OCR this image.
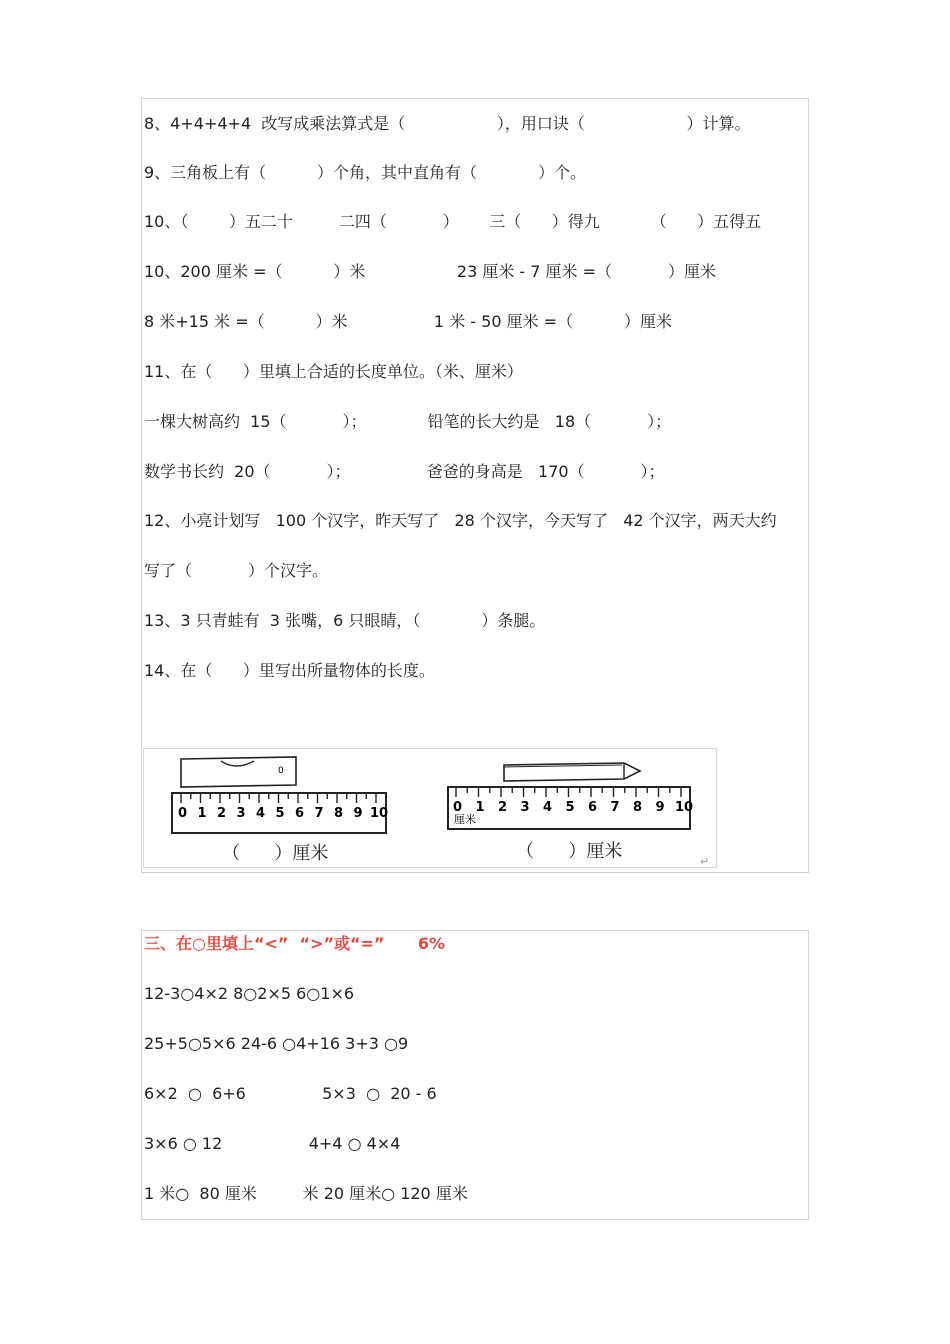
8、4+4+4+4  改写成乘法算式是（                  ），用口诀（                    ）计算。
9、三角板上有（          ）个角，其中直角有（            ）个。
10、（        ）五二十         二四（           ）      三（      ）得九          （      ）五得五
10、200 厘米 =（          ）米                  23 厘米 - 7 厘米 =（           ）厘米
8 米+15 米 =（          ）米                 1 米 - 50 厘米 =（          ）厘米
11、在（      ）里填上合适的长度单位。（米、厘米）
一棵大树高约  15（           ）；            铅笔的长大约是   18（           ）；
数学书长约  20（           ）；               爸爸的身高是   170（           ）；
12、小亮计划写   100 个汉字，昨天写了   28 个汉字，今天写了   42 个汉字，两天大约
写了（           ）个汉字。
13、3 只青蛙有  3 张嘴，6 只眼睛，（            ）条腿。
14、在（      ）里写出所量物体的长度。
0
0 1 2 3 4 5 6 7 8 9 10
（      ）厘米
0 1 2 3 4 5 6 7 8 9 10
厘米
（      ）厘米	↵
三、在○里填上“<”  “>”或“=”      6%
12-3○4×2 8○2×5 6○1×6
25+5○5×6 24-6 ○4+16 3+3 ○9
6×2  ○  6+6               5×3  ○  20 - 6
3×6 ○ 12                 4+4 ○ 4×4
1 米○  80 厘米         米 20 厘米○ 120 厘米
